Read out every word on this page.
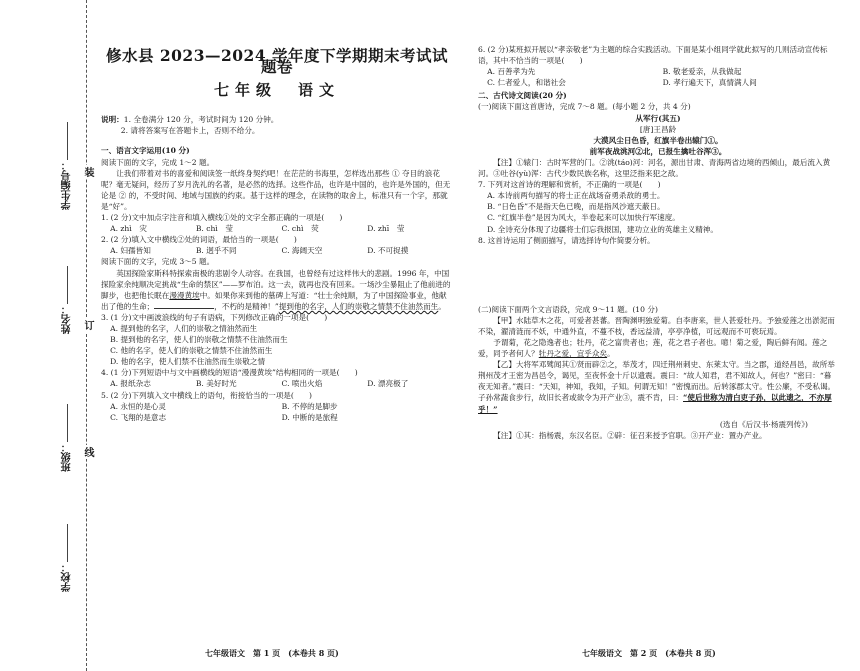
学生编号：
姓名：
班级：
学校：
装
订
线
修水县 2023—2024 学年度下学期期末考试试题卷
七年级　语文
说明：1. 全卷满分 120 分，考试时间为 120 分钟。
2. 请将答案写在答题卡上，否则不给分。
一、语言文字运用(10 分)
阅读下面的文字，完成 1～2 题。
让我们带着对书的喜爱和阅读签一纸终身契约吧！在茫茫的书海里，怎样选出那些 ① 夺目的浪花呢？毫无疑问，经历了岁月洗礼的名著，是必然的选择。这些作品，也许是中国的，也许是外国的，但无论是 ② 的，不受时间、地域与国族的约束。基于这样的理念，在读物的取舍上，标准只有一个字，那就是“好”。
1. (2 分)文中加点字注音和填入横线①处的文字全都正确的一项是(　　)
A. zhì　灾	B. chì　莹	C. chì　荧	D. zhī　莹
2. (2 分)填入文中横线②处的词语，最恰当的一项是(　　)
A. 妇孺皆知	B. 迥乎不同	C. 海阔天空	D. 不可捉摸
阅读下面的文字，完成 3～5 题。
英国探险家斯科特探索南极的悲剧令人动容。在我国，也曾经有过这样伟大的悲剧。1996 年，中国探险家余纯顺决定挑战“生命的禁区”——罗布泊。这一去，就再也没有回来。一场沙尘暴阻止了他前进的脚步，也把他长眠在漫漫黄埃中。如果你来到他的墓碑上写道：“壮士余纯顺，为了中国探险事业，他献出了他的生命；	，不朽的是精神！”提到他的名字，人们的崇敬之情禁不住油然而生。
3. (1 分)文中画波浪线的句子有语病，下列修改正确的一项是(　　)
A. 提到他的名字，人们的崇敬之情油然而生
B. 提到他的名字，使人们的崇敬之情禁不住油然而生
C. 他的名字，使人们的崇敬之情禁不住油然而生
D. 他的名字，使人们禁不住油然而生崇敬之情
4. (1 分)下列短语中与文中画横线的短语“漫漫黄埃”结构相同的一项是(　　)
A. 报纸杂志	B. 美好时光	C. 喷出火焰	D. 漂亮极了
5. (2 分)下列填入文中横线上的语句，衔接恰当的一项是(　　)
A. 永恒的是心灵	B. 不停的是脚步
C. 飞翔的是意志	D. 中断的是旅程
6. (2 分)某班拟开展以“孝亲敬老”为主题的综合实践活动。下面是某小组同学就此拟写的几则活动宣传标语，其中不恰当的一项是(　　)
A. 百善孝为先	B. 敬老爱亲，从我做起
C. 仁者爱人，和谐社会	D. 孝行遍天下，真情满人间
二、古代诗文阅读(20 分)
(一)阅读下面这首唐诗，完成 7～8 题。(每小题 2 分，共 4 分)
从军行(其五)
[唐]王昌龄
大漠风尘日色昏，红旗半卷出辕门①。
前军夜战洮河②北，已报生擒吐谷浑③。
【注】①辕门：古时军营的门。②洮(táo)河：河名，源出甘肃、青海两省边境的西倾山，最后流入黄河。③吐谷(yù)浑：古代少数民族名称，这里泛指来犯之敌。
7. 下列对这首诗的理解和赏析，不正确的一项是(　　)
A. 本诗前两句描写的将士正在战场奋勇杀敌的勇士。
B. “日色昏”不是指天色已晚，而是指风沙遮天蔽日。
C. “红旗半卷”是因为风大，半卷起来可以加快行军速度。
D. 全诗充分体现了边疆将士们忘我报国，建功立业的英雄主义精神。
8. 这首诗运用了侧面描写，请选择诗句作简要分析。
(二)阅读下面两个文言语段，完成 9～11 题。(10 分)
【甲】水陆草木之花，可爱者甚蕃。晋陶渊明独爱菊。自李唐来，世人甚爱牡丹。予独爱莲之出淤泥而不染，濯清涟而不妖，中通外直，不蔓不枝，香远益清，亭亭净植，可远观而不可亵玩焉。
予谓菊，花之隐逸者也；牡丹，花之富贵者也；莲，花之君子者也。噫！菊之爱，陶后鲜有闻。莲之爱，同予者何人？牡丹之爱，宜乎众矣。
【乙】大将军邓骘闻其①贤而辟②之，举茂才，四迁荆州刺史、东莱太守。当之郡，道经昌邑，故所举荆州茂才王密为昌邑令，谒见，至夜怀金十斤以遗震。震曰：“故人知君，君不知故人，何也？”密曰：“暮夜无知者。”震曰：“天知，神知，我知，子知。何谓无知！”密愧而出。后转涿郡太守。性公廉，不受私谒。子孙常蔬食步行，故旧长者或欲令为开产业③，震不肯，曰：“使后世称为清白吏子孙，以此遗之，不亦厚乎！”
(选自《后汉书·杨震列传》)
【注】①其：指杨震，东汉名臣。②辟：征召来授予官职。③开产业：置办产业。
七年级语文　第 1 页　(本卷共 8 页)	七年级语文　第 2 页　(本卷共 8 页)
